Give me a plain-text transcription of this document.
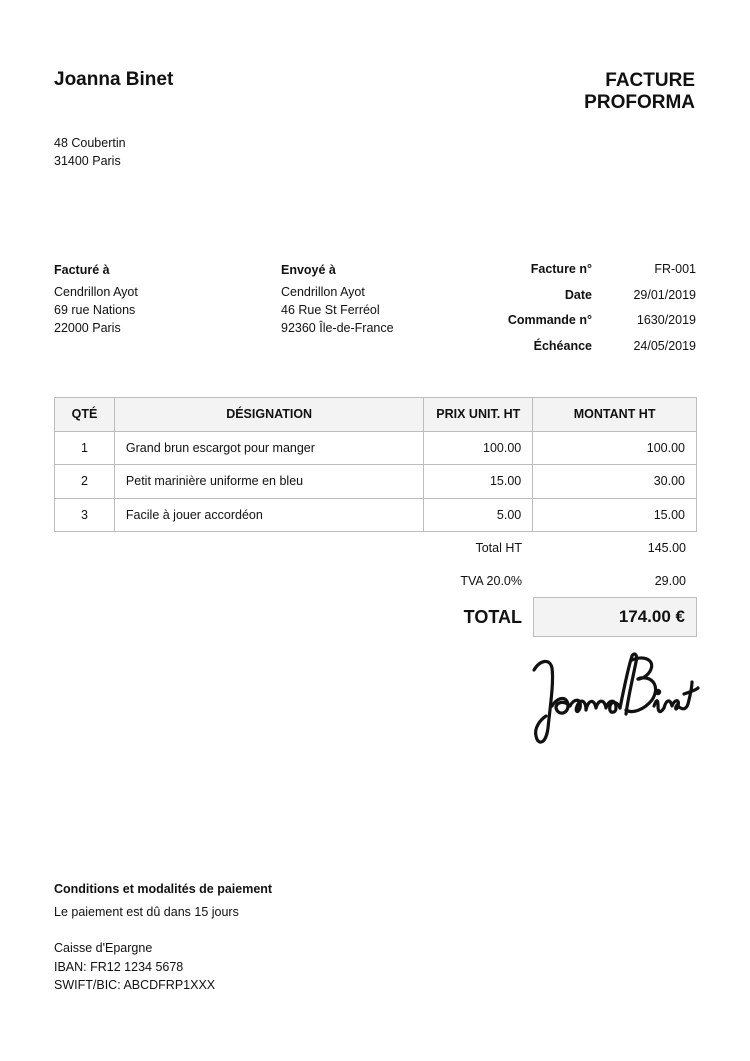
Joanna Binet	FACTURE
PROFORMA
48 Coubertin
31400 Paris
Facturé à
Cendrillon Ayot
69 rue Nations
22000 Paris
Envoyé à
Cendrillon Ayot
46 Rue St Ferréol
92360 Île-de-France
Facture n°	FR-001
Date	29/01/2019
Commande n°	1630/2019
Échéance	24/05/2019
QTÉ	DÉSIGNATION	PRIX UNIT. HT	MONTANT HT
1	Grand brun escargot pour manger	100.00	100.00
2	Petit marinière uniforme en bleu	15.00	30.00
3	Facile à jouer accordéon	5.00	15.00
Total HT	145.00
TVA 20.0%	29.00
TOTAL	174.00 €
Conditions et modalités de paiement
Le paiement est dû dans 15 jours
Caisse d'Epargne
IBAN: FR12 1234 5678
SWIFT/BIC: ABCDFRP1XXX
